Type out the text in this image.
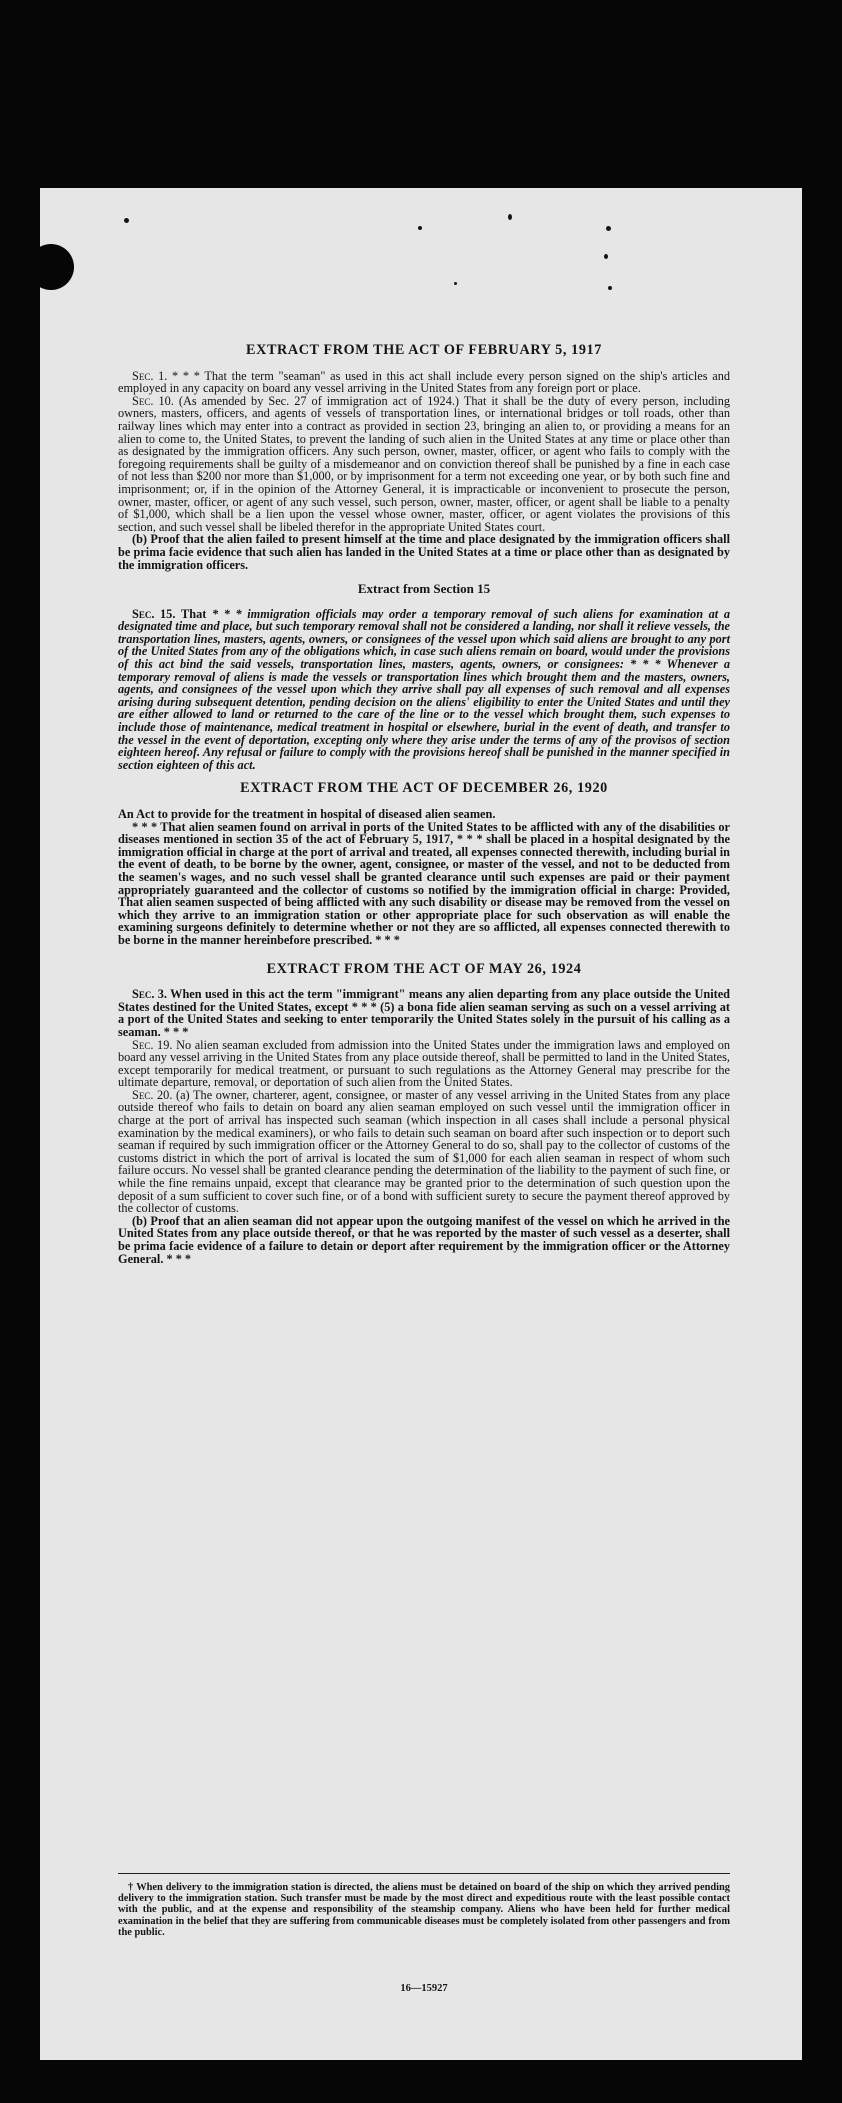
EXTRACT FROM THE ACT OF FEBRUARY 5, 1917

Sec. 1. * * * That the term "seaman" as used in this act shall include every person signed on the ship's articles and employed in any capacity on board any vessel arriving in the United States from any foreign port or place.

Sec. 10. (As amended by Sec. 27 of immigration act of 1924.) That it shall be the duty of every person, including owners, masters, officers, and agents of vessels of transportation lines, or international bridges or toll roads, other than railway lines which may enter into a contract as provided in section 23, bringing an alien to, or providing a means for an alien to come to, the United States, to prevent the landing of such alien in the United States at any time or place other than as designated by the immigration officers. Any such person, owner, master, officer, or agent who fails to comply with the foregoing requirements shall be guilty of a misdemeanor and on conviction thereof shall be punished by a fine in each case of not less than $200 nor more than $1,000, or by imprisonment for a term not exceeding one year, or by both such fine and imprisonment; or, if in the opinion of the Attorney General, it is impracticable or inconvenient to prosecute the person, owner, master, officer, or agent of any such vessel, such person, owner, master, officer, or agent shall be liable to a penalty of $1,000, which shall be a lien upon the vessel whose owner, master, officer, or agent violates the provisions of this section, and such vessel shall be libeled therefor in the appropriate United States court.

(b) Proof that the alien failed to present himself at the time and place designated by the immigration officers shall be prima facie evidence that such alien has landed in the United States at a time or place other than as designated by the immigration officers.

Extract from Section 15

Sec. 15. That * * * immigration officials may order a temporary removal of such aliens for examination at a designated time and place, but such temporary removal shall not be considered a landing, nor shall it relieve vessels, the transportation lines, masters, agents, owners, or consignees of the vessel upon which said aliens are brought to any port of the United States from any of the obligations which, in case such aliens remain on board, would under the provisions of this act bind the said vessels, transportation lines, masters, agents, owners, or consignees: * * * Whenever a temporary removal of aliens is made the vessels or transportation lines which brought them and the masters, owners, agents, and consignees of the vessel upon which they arrive shall pay all expenses of such removal and all expenses arising during subsequent detention, pending decision on the aliens' eligibility to enter the United States and until they are either allowed to land or returned to the care of the line or to the vessel which brought them, such expenses to include those of maintenance, medical treatment in hospital or elsewhere, burial in the event of death, and transfer to the vessel in the event of deportation, excepting only where they arise under the terms of any of the provisos of section eighteen hereof. Any refusal or failure to comply with the provisions hereof shall be punished in the manner specified in section eighteen of this act.

EXTRACT FROM THE ACT OF DECEMBER 26, 1920

An Act to provide for the treatment in hospital of diseased alien seamen.

* * * That alien seamen found on arrival in ports of the United States to be afflicted with any of the disabilities or diseases mentioned in section 35 of the act of February 5, 1917, * * * shall be placed in a hospital designated by the immigration official in charge at the port of arrival and treated, all expenses connected therewith, including burial in the event of death, to be borne by the owner, agent, consignee, or master of the vessel, and not to be deducted from the seamen's wages, and no such vessel shall be granted clearance until such expenses are paid or their payment appropriately guaranteed and the collector of customs so notified by the immigration official in charge: Provided, That alien seamen suspected of being afflicted with any such disability or disease may be removed from the vessel on which they arrive to an immigration station or other appropriate place for such observation as will enable the examining surgeons definitely to determine whether or not they are so afflicted, all expenses connected therewith to be borne in the manner hereinbefore prescribed. * * *

EXTRACT FROM THE ACT OF MAY 26, 1924

Sec. 3. When used in this act the term "immigrant" means any alien departing from any place outside the United States destined for the United States, except * * * (5) a bona fide alien seaman serving as such on a vessel arriving at a port of the United States and seeking to enter temporarily the United States solely in the pursuit of his calling as a seaman. * * *

Sec. 19. No alien seaman excluded from admission into the United States under the immigration laws and employed on board any vessel arriving in the United States from any place outside thereof, shall be permitted to land in the United States, except temporarily for medical treatment, or pursuant to such regulations as the Attorney General may prescribe for the ultimate departure, removal, or deportation of such alien from the United States.

Sec. 20. (a) The owner, charterer, agent, consignee, or master of any vessel arriving in the United States from any place outside thereof who fails to detain on board any alien seaman employed on such vessel until the immigration officer in charge at the port of arrival has inspected such seaman (which inspection in all cases shall include a personal physical examination by the medical examiners), or who fails to detain such seaman on board after such inspection or to deport such seaman if required by such immigration officer or the Attorney General to do so, shall pay to the collector of customs of the customs district in which the port of arrival is located the sum of $1,000 for each alien seaman in respect of whom such failure occurs. No vessel shall be granted clearance pending the determination of the liability to the payment of such fine, or while the fine remains unpaid, except that clearance may be granted prior to the determination of such question upon the deposit of a sum sufficient to cover such fine, or of a bond with sufficient surety to secure the payment thereof approved by the collector of customs.

(b) Proof that an alien seaman did not appear upon the outgoing manifest of the vessel on which he arrived in the United States from any place outside thereof, or that he was reported by the master of such vessel as a deserter, shall be prima facie evidence of a failure to detain or deport after requirement by the immigration officer or the Attorney General. * * *

† When delivery to the immigration station is directed, the aliens must be detained on board of the ship on which they arrived pending delivery to the immigration station. Such transfer must be made by the most direct and expeditious route with the least possible contact with the public, and at the expense and responsibility of the steamship company. Aliens who have been held for further medical examination in the belief that they are suffering from communicable diseases must be completely isolated from other passengers and from the public.
16—15927
